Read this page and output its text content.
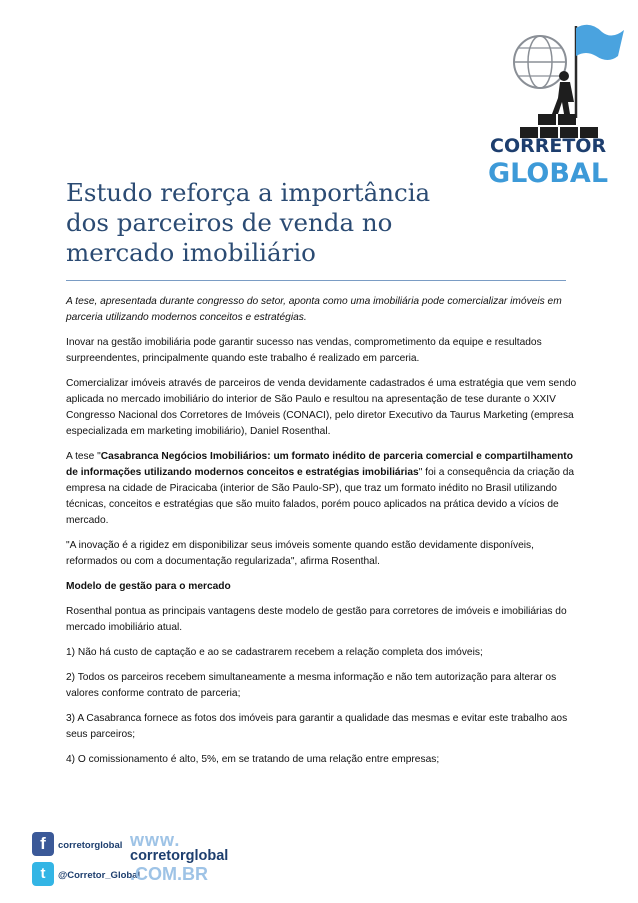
CORRETOR
GLOBAL
Estudo reforça a importância dos parceiros de venda no mercado imobiliário

A tese, apresentada durante congresso do setor, aponta como uma imobiliária pode comercializar imóveis em parceria utilizando modernos conceitos e estratégias.

Inovar na gestão imobiliária pode garantir sucesso nas vendas, comprometimento da equipe e resultados surpreendentes, principalmente quando este trabalho é realizado em parceria.

Comercializar imóveis através de parceiros de venda devidamente cadastrados é uma estratégia que vem sendo aplicada no mercado imobiliário do interior de São Paulo e resultou na apresentação de tese durante o XXIV Congresso Nacional dos Corretores de Imóveis (CONACI), pelo diretor Executivo da Taurus Marketing (empresa especializada em marketing imobiliário), Daniel Rosenthal.

A tese "Casabranca Negócios Imobiliários: um formato inédito de parceria comercial e compartilhamento de informações utilizando modernos conceitos e estratégias imobiliárias" foi a consequência da criação da empresa na cidade de Piracicaba (interior de São Paulo-SP), que traz um formato inédito no Brasil utilizando técnicas, conceitos e estratégias que são muito falados, porém pouco aplicados na prática devido a vícios de mercado.

"A inovação é a rigidez em disponibilizar seus imóveis somente quando estão devidamente disponíveis, reformados ou com a documentação regularizada", afirma Rosenthal.

Modelo de gestão para o mercado

Rosenthal pontua as principais vantagens deste modelo de gestão para corretores de imóveis e imobiliárias do mercado imobiliário atual.

1) Não há custo de captação e ao se cadastrarem recebem a relação completa dos imóveis;

2) Todos os parceiros recebem simultaneamente a mesma informação e não tem autorização para alterar os valores conforme contrato de parceria;

3) A Casabranca fornece as fotos dos imóveis para garantir a qualidade das mesmas e evitar este trabalho aos seus parceiros;

4) O comissionamento é alto, 5%, em se tratando de uma relação entre empresas;

f	corretorglobal
t	@Corretor_Global
www.
corretorglobal
.COM.BR
